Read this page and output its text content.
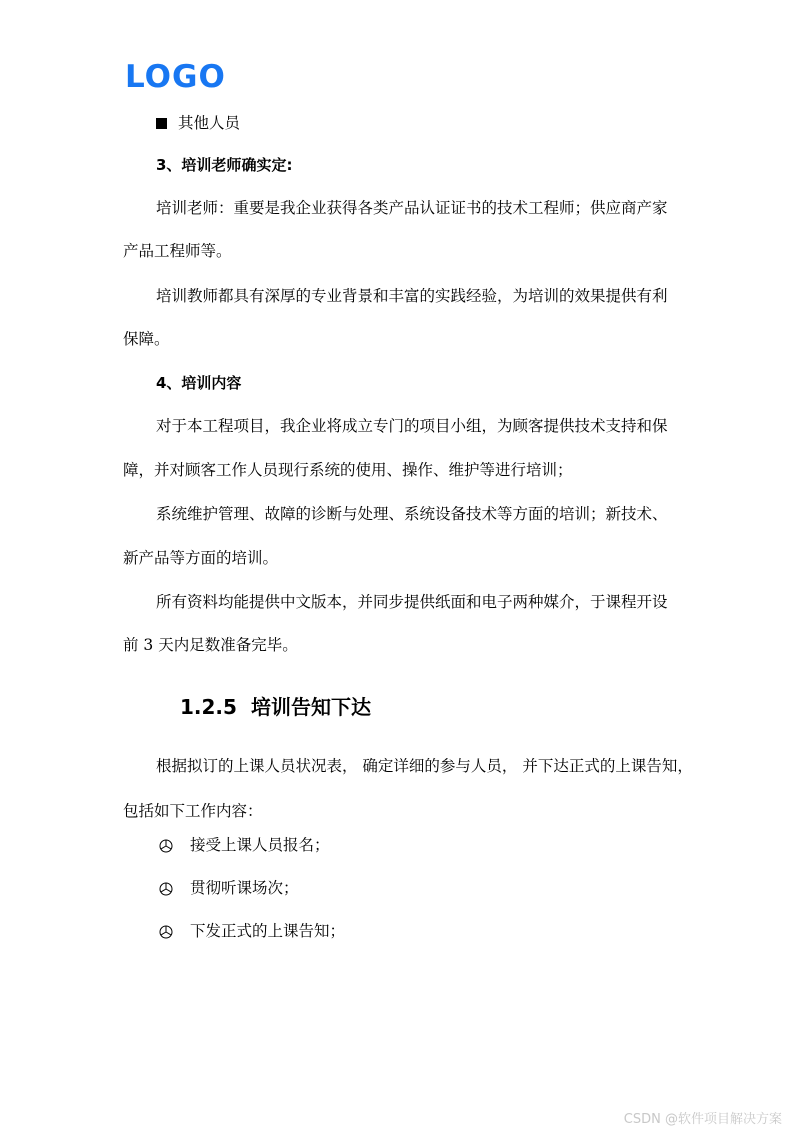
LOGO
其他人员
3、培训老师确实定:
培训老师：重要是我企业获得各类产品认证证书的技术工程师；供应商产家
产品工程师等。
培训教师都具有深厚的专业背景和丰富的实践经验，为培训的效果提供有利
保障。
4、培训内容
对于本工程项目，我企业将成立专门的项目小组，为顾客提供技术支持和保
障，并对顾客工作人员现行系统的使用、操作、维护等进行培训；
系统维护管理、故障的诊断与处理、系统设备技术等方面的培训；新技术、
新产品等方面的培训。
所有资料均能提供中文版本，并同步提供纸面和电子两种媒介，于课程开设
前 3 天内足数准备完毕。
1.2.5 培训告知下达
根据拟订的上课人员状况表， 确定详细的参与人员， 并下达正式的上课告知，
包括如下工作内容：
接受上课人员报名；
贯彻听课场次；
下发正式的上课告知；
CSDN @软件项目解决方案
